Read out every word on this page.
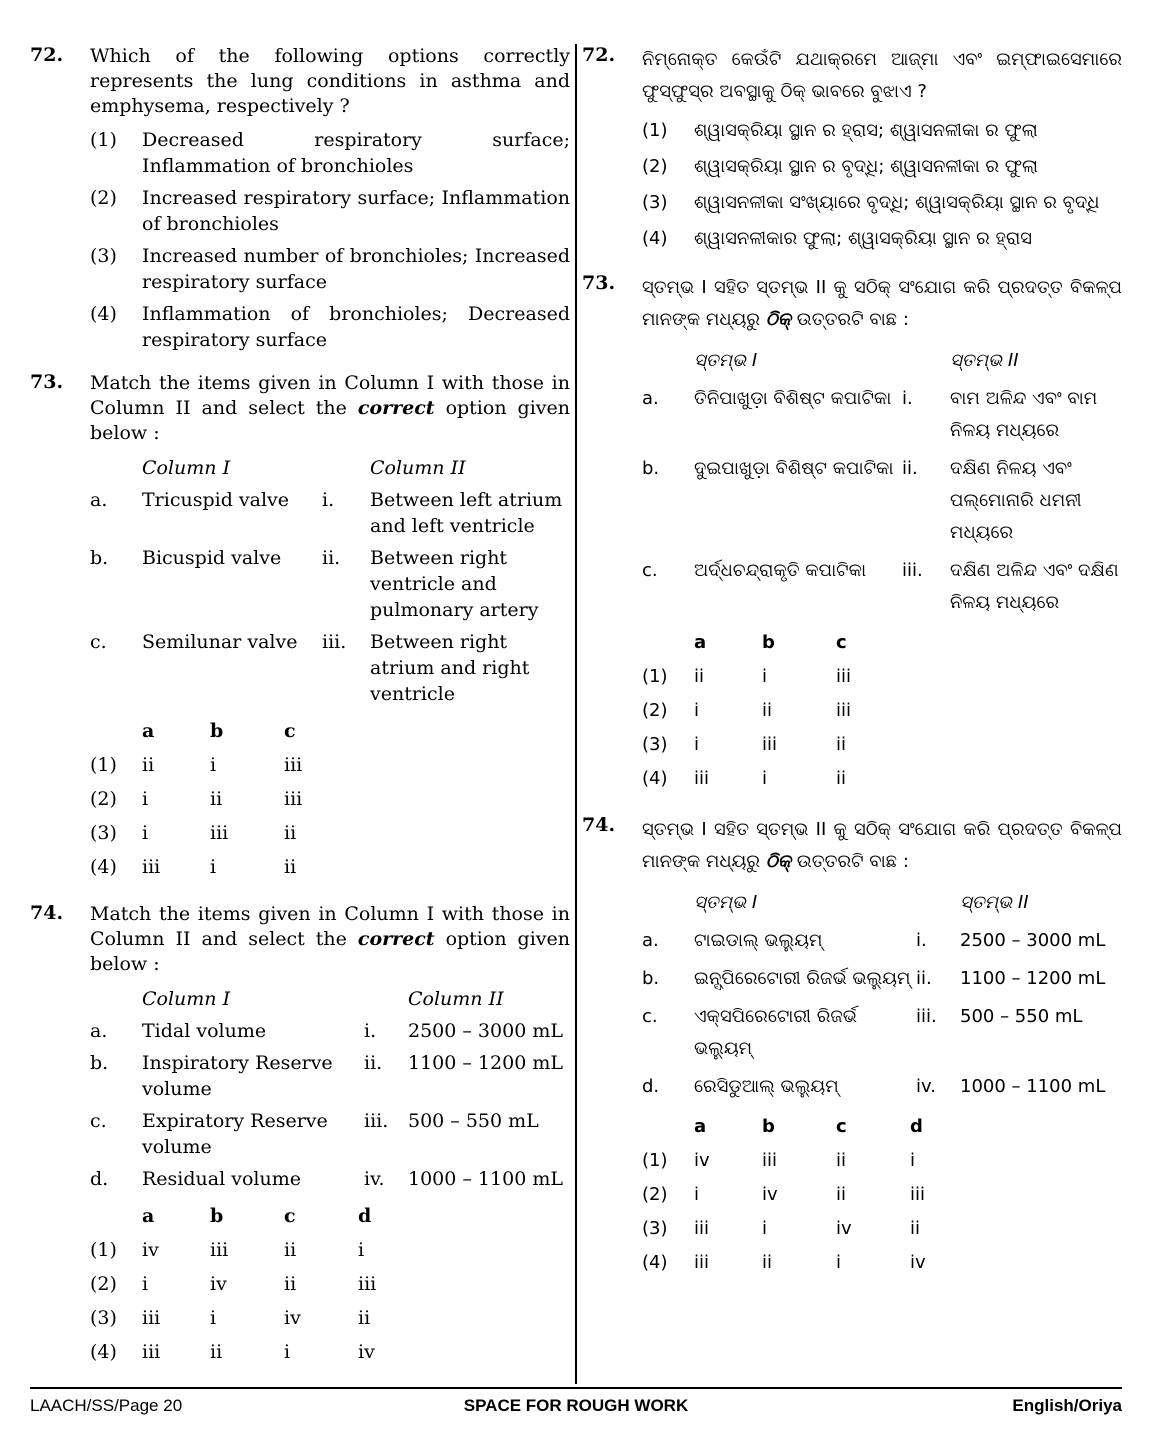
72. Which of the following options correctly represents the lung conditions in asthma and emphysema, respectively ?
(1)	Decreased respiratory surface; Inflammation of bronchioles
(2)	Increased respiratory surface; Inflammation of bronchioles
(3)	Increased number of bronchioles; Increased respiratory surface
(4)	Inflammation of bronchioles; Decreased respiratory surface
73. Match the items given in Column I with those in Column II and select the correct option given below :
	Column I		Column II
a.	Tricuspid valve	i.	Between left atrium and left ventricle
b.	Bicuspid valve	ii.	Between right ventricle and pulmonary artery
c.	Semilunar valve	iii.	Between right atrium and right ventricle
	a	b	c
(1)	ii	i	iii
(2)	i	ii	iii
(3)	i	iii	ii
(4)	iii	i	ii
74. Match the items given in Column I with those in Column II and select the correct option given below :
	Column I		Column II
a.	Tidal volume	i.	2500 – 3000 mL
b.	Inspiratory Reserve volume	ii.	1100 – 1200 mL
c.	Expiratory Reserve volume	iii.	500 – 550 mL
d.	Residual volume	iv.	1000 – 1100 mL
	a	b	c	d
(1)	iv	iii	ii	i
(2)	i	iv	ii	iii
(3)	iii	i	iv	ii
(4)	iii	ii	i	iv
72. ନିମ୍ନୋକ୍ତ କେଉଁଟି ଯଥାକ୍ରମେ ଆଜ୍ମା ଏବଂ ଇମ୍ଫାଇସେମାରେ ଫୁସ୍ଫୁସ୍‌ର ଅବସ୍ଥାକୁ ଠିକ୍ ଭାବରେ ବୁଝାଏ ?
(1)	ଶ୍ୱାସକ୍ରିୟା ସ୍ଥାନ ର ହ୍ରାସ; ଶ୍ୱାସନଳୀକା ର ଫୁଲା
(2)	ଶ୍ୱାସକ୍ରିୟା ସ୍ଥାନ ର ବୃଦ୍ଧି; ଶ୍ୱାସନଳୀକା ର ଫୁଲା
(3)	ଶ୍ୱାସନଳୀକା ସଂଖ୍ୟାରେ ବୃଦ୍ଧି; ଶ୍ୱାସକ୍ରିୟା ସ୍ଥାନ ର ବୃଦ୍ଧି
(4)	ଶ୍ୱାସନଳୀକାର ଫୁଲା; ଶ୍ୱାସକ୍ରିୟା ସ୍ଥାନ ର ହ୍ରାସ
73. ସ୍ତମ୍ଭ I ସହିତ ସ୍ତମ୍ଭ II କୁ ସଠିକ୍ ସଂଯୋଗ କରି ପ୍ରଦତ୍ତ ବିକଳ୍ପ ମାନଙ୍କ ମଧ୍ୟରୁ ଠିକ୍ ଉତ୍ତରଟି ବାଛ :
	ସ୍ତମ୍ଭ I		ସ୍ତମ୍ଭ II
a.	ତିନିପାଖୁଡ଼ା ବିଶିଷ୍ଟ କପାଟିକା	i.	ବାମ ଅଳିନ୍ଦ ଏବଂ ବାମ ନିଳୟ ମଧ୍ୟରେ
b.	ଦୁଇପାଖୁଡ଼ା ବିଶିଷ୍ଟ କପାଟିକା	ii.	ଦକ୍ଷିଣ ନିଳୟ ଏବଂ ପଲ୍ମୋନାରି ଧମନୀ ମଧ୍ୟରେ
c.	ଅର୍ଦ୍ଧଚନ୍ଦ୍ରାକୃତି କପାଟିକା	iii.	ଦକ୍ଷିଣ ଅଳିନ୍ଦ ଏବଂ ଦକ୍ଷିଣ ନିଳୟ ମଧ୍ୟରେ
	a	b	c
(1)	ii	i	iii
(2)	i	ii	iii
(3)	i	iii	ii
(4)	iii	i	ii
74. ସ୍ତମ୍ଭ I ସହିତ ସ୍ତମ୍ଭ II କୁ ସଠିକ୍ ସଂଯୋଗ କରି ପ୍ରଦତ୍ତ ବିକଳ୍ପ ମାନଙ୍କ ମଧ୍ୟରୁ ଠିକ୍ ଉତ୍ତରଟି ବାଛ :
	ସ୍ତମ୍ଭ I		ସ୍ତମ୍ଭ II
a.	ଟାଇଡାଲ୍ ଭଲ୍ୟୁମ୍	i.	2500 – 3000 mL
b.	ଇନ୍ସ୍ପିରେଟୋରୀ ରିଜର୍ଭ ଭଲ୍ୟୁମ୍	ii.	1100 – 1200 mL
c.	ଏକ୍ସପିରେଟୋରୀ ରିଜର୍ଭ ଭଲ୍ୟୁମ୍	iii.	500 – 550 mL
d.	ରେସିଡୁଆଲ୍ ଭଲ୍ୟୁମ୍	iv.	1000 – 1100 mL
	a	b	c	d
(1)	iv	iii	ii	i
(2)	i	iv	ii	iii
(3)	iii	i	iv	ii
(4)	iii	ii	i	iv
LAACH/SS/Page 20	SPACE FOR ROUGH WORK	English/Oriya
